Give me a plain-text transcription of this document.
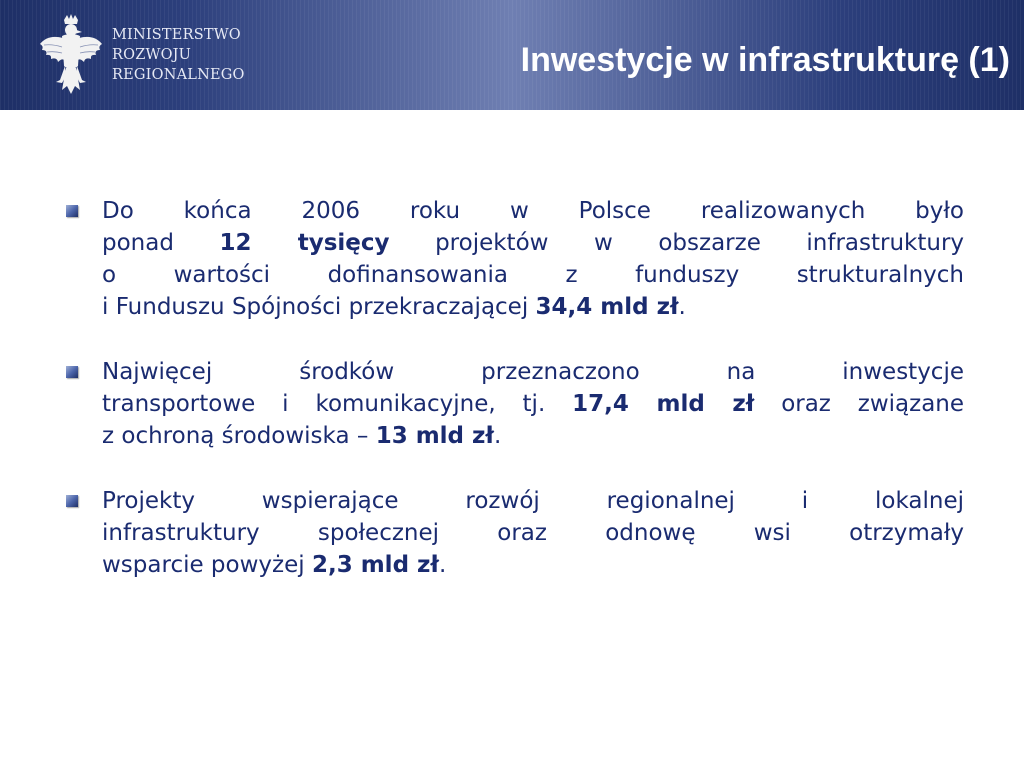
MINISTERSTWO
ROZWOJU
REGIONALNEGO	Inwestycje w infrastrukturę (1)
Do końca 2006 roku w Polsce realizowanych było
ponad 12 tysięcy projektów w obszarze infrastruktury
o wartości dofinansowania z funduszy strukturalnych
i Funduszu Spójności przekraczającej 34,4 mld zł.
Najwięcej środków przeznaczono na inwestycje
transportowe i komunikacyjne, tj. 17,4 mld zł oraz związane
z ochroną środowiska – 13 mld zł.
Projekty wspierające rozwój regionalnej i lokalnej
infrastruktury społecznej oraz odnowę wsi otrzymały
wsparcie powyżej 2,3 mld zł.
